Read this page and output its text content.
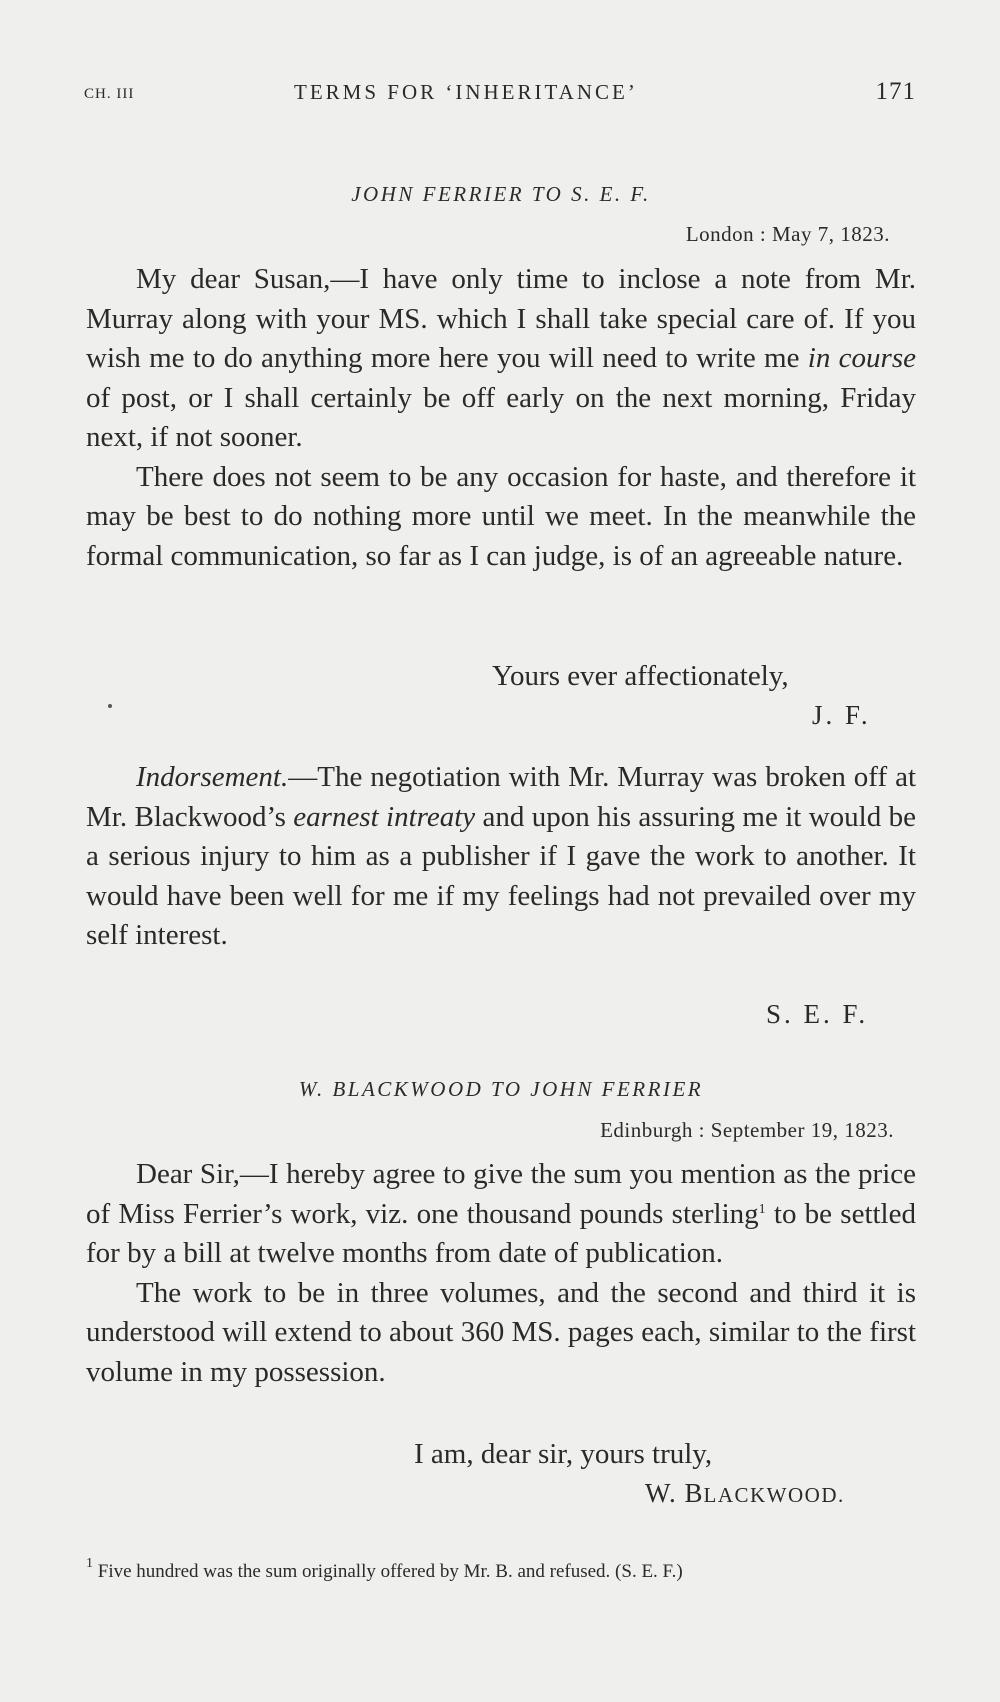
CH. III	TERMS FOR ‘INHERITANCE’	171
JOHN FERRIER TO S. E. F.
London : May 7, 1823.

My dear Susan,—I have only time to inclose a note from Mr. Murray along with your MS. which I shall take special care of. If you wish me to do anything more here you will need to write me in course of post, or I shall certainly be off early on the next morning, Friday next, if not sooner.

There does not seem to be any occasion for haste, and therefore it may be best to do nothing more until we meet. In the meanwhile the formal communication, so far as I can judge, is of an agreeable nature.

Yours ever affectionately,
J. F.

Indorsement.—The negotiation with Mr. Murray was broken off at Mr. Blackwood’s earnest intreaty and upon his assuring me it would be a serious injury to him as a publisher if I gave the work to another. It would have been well for me if my feelings had not prevailed over my self interest.

S. E. F.
W. BLACKWOOD TO JOHN FERRIER
Edinburgh : September 19, 1823.

Dear Sir,—I hereby agree to give the sum you mention as the price of Miss Ferrier’s work, viz. one thousand pounds sterling$^1$ to be settled for by a bill at twelve months from date of publication.

The work to be in three volumes, and the second and third it is understood will extend to about 360 MS. pages each, similar to the first volume in my possession.

I am, dear sir, yours truly,
W. BLACKWOOD.
$^1$ Five hundred was the sum originally offered by Mr. B. and refused. (S. E. F.)
